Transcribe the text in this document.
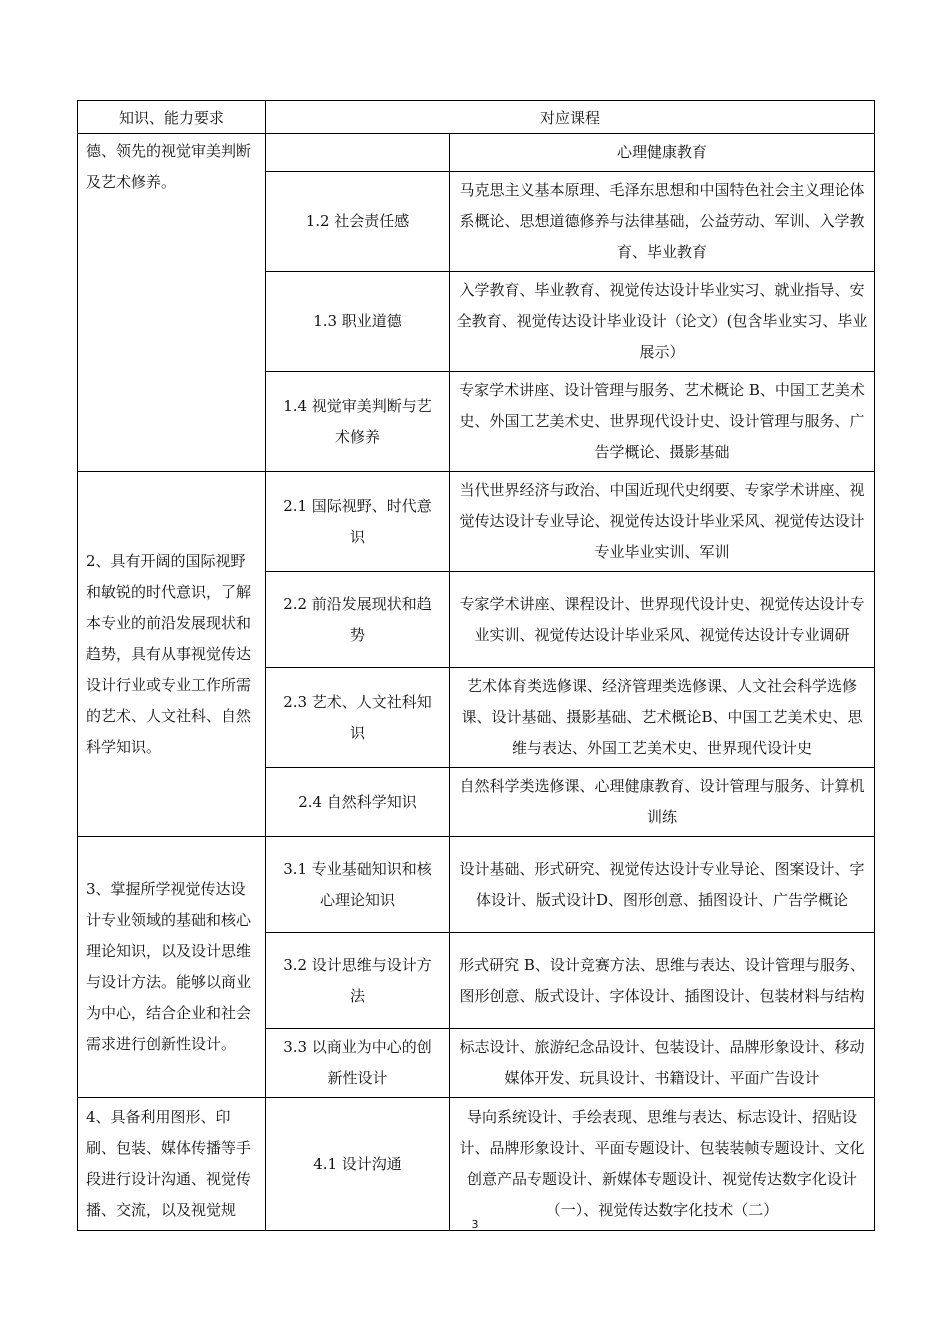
知识、能力要求	对应课程	
德、领先的视觉审美判断及艺术修养。		心理健康教育
	1.2 社会责任感	马克思主义基本原理、毛泽东思想和中国特色社会主义理论体系概论、思想道德修养与法律基础，公益劳动、军训、入学教育、毕业教育
	1.3 职业道德	入学教育、毕业教育、视觉传达设计毕业实习、就业指导、安全教育、视觉传达设计毕业设计（论文）(包含毕业实习、毕业展示）
	1.4 视觉审美判断与艺术修养	专家学术讲座、设计管理与服务、艺术概论 B、中国工艺美术史、外国工艺美术史、世界现代设计史、设计管理与服务、广告学概论、摄影基础
2、具有开阔的国际视野和敏锐的时代意识，了解本专业的前沿发展现状和趋势，具有从事视觉传达设计行业或专业工作所需的艺术、人文社科、自然科学知识。	2.1 国际视野、时代意识	当代世界经济与政治、中国近现代史纲要、专家学术讲座、视觉传达设计专业导论、视觉传达设计毕业采风、视觉传达设计专业毕业实训、军训
	2.2 前沿发展现状和趋势	专家学术讲座、课程设计、世界现代设计史、视觉传达设计专业实训、视觉传达设计毕业采风、视觉传达设计专业调研
	2.3 艺术、人文社科知识	艺术体育类选修课、经济管理类选修课、人文社会科学选修课、设计基础、摄影基础、艺术概论B、中国工艺美术史、思维与表达、外国工艺美术史、世界现代设计史
	2.4 自然科学知识	自然科学类选修课、心理健康教育、设计管理与服务、计算机训练
3、掌握所学视觉传达设计专业领域的基础和核心理论知识，以及设计思维与设计方法。能够以商业为中心，结合企业和社会需求进行创新性设计。	3.1 专业基础知识和核心理论知识	设计基础、形式研究、视觉传达设计专业导论、图案设计、字体设计、版式设计D、图形创意、插图设计、广告学概论
	3.2 设计思维与设计方法	形式研究 B、设计竞赛方法、思维与表达、设计管理与服务、图形创意、版式设计、字体设计、插图设计、包装材料与结构
	3.3 以商业为中心的创新性设计	标志设计、旅游纪念品设计、包装设计、品牌形象设计、移动媒体开发、玩具设计、书籍设计、平面广告设计
4、具备利用图形、印刷、包装、媒体传播等手段进行设计沟通、视觉传播、交流，以及视觉规	4.1 设计沟通	导向系统设计、手绘表现、思维与表达、标志设计、招贴设计、品牌形象设计、平面专题设计、包装装帧专题设计、文化创意产品专题设计、新媒体专题设计、视觉传达数字化设计（一）、视觉传达数字化技术（二）
3
